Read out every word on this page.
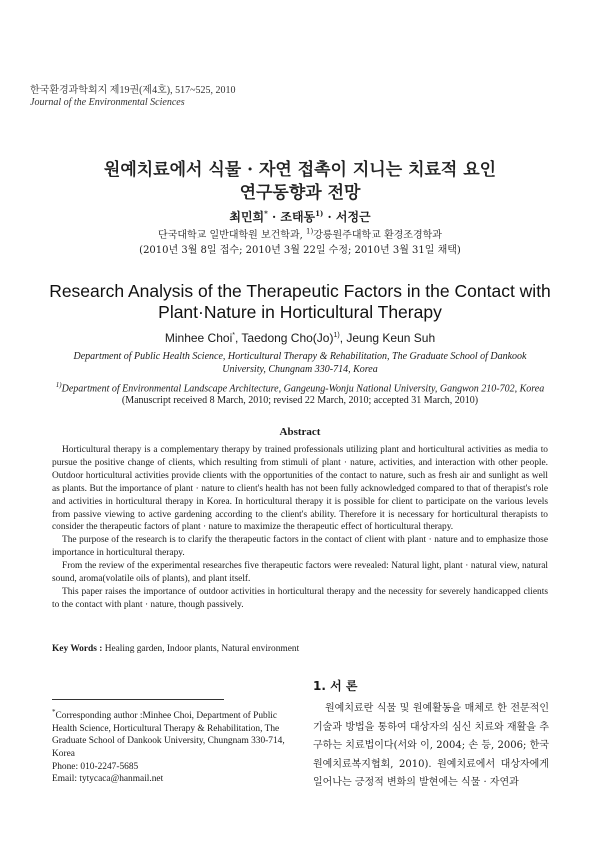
한국환경과학회지 제19권(제4호), 517~525, 2010
Journal of the Environmental Sciences
원예치료에서 식물 · 자연 접촉이 지니는 치료적 요인
연구동향과 전망
최민희* · 조태동$^{1)}$ · 서정근
단국대학교 일반대학원 보건학과, $^{1)}$강릉원주대학교 환경조경학과
(2010년 3월 8일 접수; 2010년 3월 22일 수정; 2010년 3월 31일 채택)
Research Analysis of the Therapeutic Factors in the Contact with
Plant·Nature in Horticultural Therapy
Minhee Choi*, Taedong $Cho(Jo)^{1)}$, Jeung Keun Suh
Department of Public Health Science, Horticultural Therapy & Rehabilitation, The Graduate School of Dankook
University, Chungnam 330-714, Korea
$^{1)}$Department of Environmental Landscape Architecture, Gangeung-Wonju National University, Gangwon 210-702, Korea
(Manuscript received 8 March, 2010; revised 22 March, 2010; accepted 31 March, 2010)
Abstract

Horticultural therapy is a complementary therapy by trained professionals utilizing plant and horticultural activities as media to pursue the positive change of clients, which resulting from stimuli of plant · nature, activities, and interaction with other people. Outdoor horticultural activities provide clients with the opportunities of the contact to nature, such as fresh air and sunlight as well as plants. But the importance of plant · nature to client's health has not been fully acknowledged compared to that of therapist's role and activities in horticultural therapy in Korea. In horticultural therapy it is possible for client to participate on the various levels from passive viewing to active gardening according to the client's ability. Therefore it is necessary for horticultural therapists to consider the therapeutic factors of plant · nature to maximize the therapeutic effect of horticultural therapy.

The purpose of the research is to clarify the therapeutic factors in the contact of client with plant · nature and to emphasize those importance in horticultural therapy.

From the review of the experimental researches five therapeutic factors were revealed: Natural light, plant · natural view, natural sound, aroma(volatile oils of plants), and plant itself.

This paper raises the importance of outdoor activities in horticultural therapy and the necessity for severely handicapped clients to the contact with plant · nature, though passively.

Key Words : Healing garden, Indoor plants, Natural environment
*Corresponding author :Minhee Choi, Department of Public Health Science, Horticultural Therapy & Rehabilitation, The Graduate School of Dankook University, Chungnam 330-714, Korea
Phone: 010-2247-5685
Email: tytycaca@hanmail.net
1. 서 론

원예치료란 식물 및 원예활동을 매체로 한 전문적인 기술과 방법을 통하여 대상자의 심신 치료와 재활을 추구하는 치료법이다(서와 이, 2004; 손 등, 2006; 한국원예치료복지협회, 2010). 원예치료에서 대상자에게 일어나는 긍정적 변화의 발현에는 식물 · 자연과
